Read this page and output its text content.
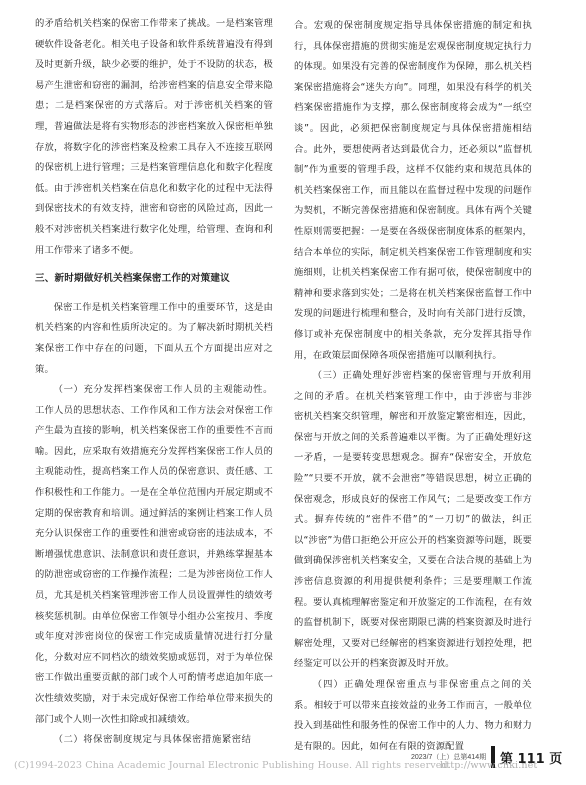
的矛盾给机关档案的保密工作带来了挑战。一是档案管理硬软件设备老化。相关电子设备和软件系统普遍没有得到及时更新升级，缺少必要的维护，处于不设防的状态，极易产生泄密和窃密的漏洞，给涉密档案的信息安全带来隐患；二是档案保密的方式落后。对于涉密机关档案的管理，普遍做法是将有实物形态的涉密档案放入保密柜单独存放，将数字化的涉密档案及检索工具存入不连接互联网的保密机上进行管理；三是档案管理信息化和数字化程度低。由于涉密机关档案在信息化和数字化的过程中无法得到保密技术的有效支持，泄密和窃密的风险过高，因此一般不对涉密机关档案进行数字化处理，给管理、查询和利用工作带来了诸多不便。

三、新时期做好机关档案保密工作的对策建议

保密工作是机关档案管理工作中的重要环节，这是由机关档案的内容和性质所决定的。为了解决新时期机关档案保密工作中存在的问题，下面从五个方面提出应对之策。

（一）充分发挥档案保密工作人员的主观能动性。工作人员的思想状态、工作作风和工作方法会对保密工作产生最为直接的影响，机关档案保密工作的重要性不言而喻。因此，应采取有效措施充分发挥档案保密工作人员的主观能动性，提高档案工作人员的保密意识、责任感、工作积极性和工作能力。一是在全单位范围内开展定期或不定期的保密教育和培训。通过鲜活的案例让档案工作人员充分认识保密工作的重要性和泄密或窃密的违法成本，不断增强忧患意识、法制意识和责任意识，并熟练掌握基本的防泄密或窃密的工作操作流程；二是为涉密岗位工作人员，尤其是机关档案管理涉密工作人员设置弹性的绩效考核奖惩机制。由单位保密工作领导小组办公室按月、季度或年度对涉密岗位的保密工作完成质量情况进行打分量化，分数对应不同档次的绩效奖励或惩罚，对于为单位保密工作做出重要贡献的部门或个人可酌情考虑追加年底一次性绩效奖励，对于未完成好保密工作给单位带来损失的部门或个人则一次性扣除或扣减绩效。

（二）将保密制度规定与具体保密措施紧密结

合。宏观的保密制度规定指导具体保密措施的制定和执行，具体保密措施的贯彻实施是宏观保密制度规定执行力的体现。如果没有完善的保密制度作为保障，那么机关档案保密措施将会“迷失方向”。同理，如果没有科学的机关档案保密措施作为支撑，那么保密制度将会成为“一纸空谈”。因此，必须把保密制度规定与具体保密措施相结合。此外，要想使两者达到最优合力，还必须以“监督机制”作为重要的管理手段，这样不仅能约束和规范具体的机关档案保密工作，而且能以在监督过程中发现的问题作为契机，不断完善保密措施和保密制度。具体有两个关键性原则需要把握：一是要在各级保密制度体系的框架内，结合本单位的实际，制定机关档案保密工作管理制度和实施细则，让机关档案保密工作有据可依，使保密制度中的精神和要求落到实处；二是将在机关档案保密监督工作中发现的问题进行梳理和整合，及时向有关部门进行反馈，修订或补充保密制度中的相关条款，充分发挥其指导作用，在政策层面保障各项保密措施可以顺利执行。

（三）正确处理好涉密档案的保密管理与开放利用之间的矛盾。在机关档案管理工作中，由于涉密与非涉密机关档案交织管理，解密和开放鉴定繁密相连，因此，保密与开放之间的关系普遍难以平衡。为了正确处理好这一矛盾，一是要转变思想观念。摒弃“保密安全，开放危险”“只要不开放，就不会泄密”等错误思想，树立正确的保密观念，形成良好的保密工作风气；二是要改变工作方式。摒弃传统的“密件不借”的“一刀切”的做法，纠正以“涉密”为借口拒绝公开应公开的档案资源等问题，既要做到确保涉密机关档案安全，又要在合法合规的基础上为涉密信息资源的利用提供便利条件；三是要理顺工作流程。要认真梳理解密鉴定和开放鉴定的工作流程，在有效的监督机制下，既要对保密期限已满的档案资源及时进行解密处理，又要对已经解密的档案资源进行划控处理，把经鉴定可以公开的档案资源及时开放。

（四）正确处理保密重点与非保密重点之间的关系。相较于可以带来直接效益的业务工作而言，一般单位投入到基础性和服务性的保密工作中的人力、物力和财力是有限的。因此，如何在有限的资源配置

2023/7（上）总第414期 第 111 页
(C)1994-2023 China Academic Journal Electronic Publishing House. All rights reserved.
http://www.cnki.net
